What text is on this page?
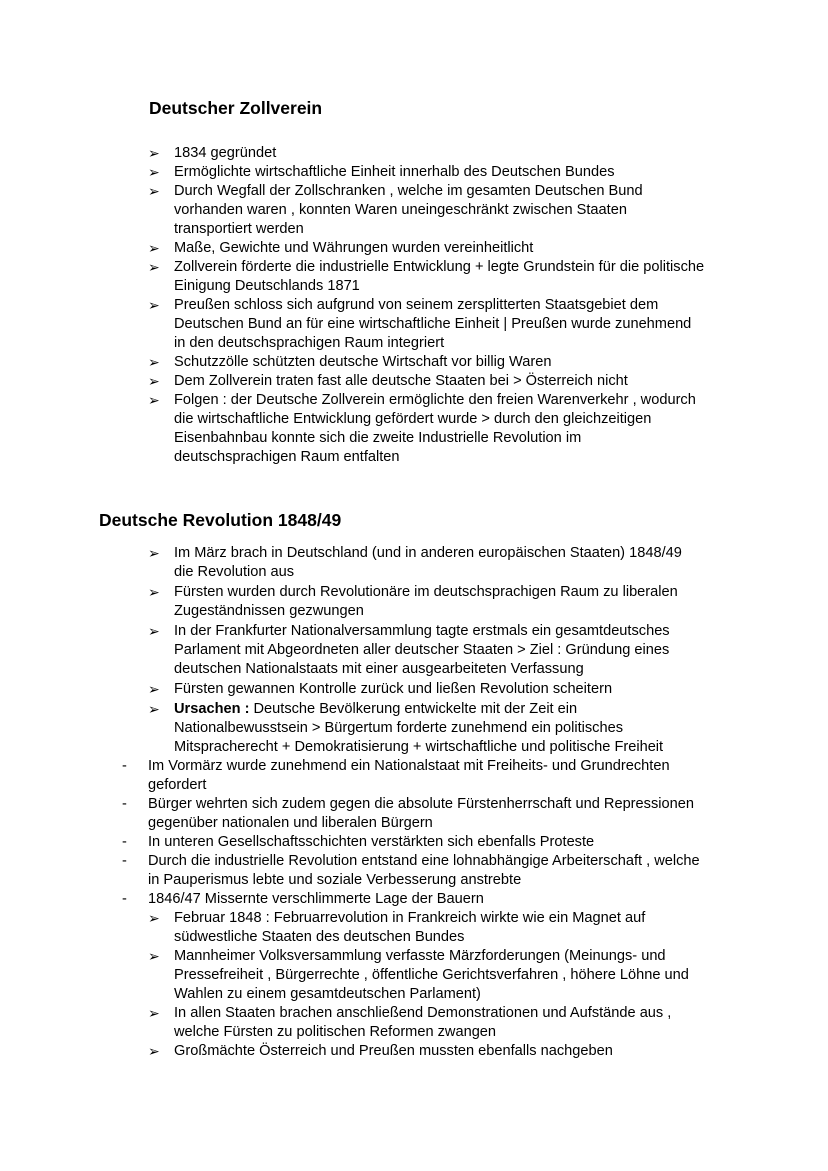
Deutscher Zollverein
➢ 1834 gegründet
➢ Ermöglichte wirtschaftliche Einheit innerhalb des Deutschen Bundes
➢ Durch Wegfall der Zollschranken , welche im gesamten Deutschen Bund
vorhanden waren , konnten Waren uneingeschränkt zwischen Staaten
transportiert werden
➢ Maße, Gewichte und Währungen wurden vereinheitlicht
➢ Zollverein förderte die industrielle Entwicklung + legte Grundstein für die politische
Einigung Deutschlands 1871
➢ Preußen schloss sich aufgrund von seinem zersplitterten Staatsgebiet dem
Deutschen Bund an für eine wirtschaftliche Einheit | Preußen wurde zunehmend
in den deutschsprachigen Raum integriert
➢ Schutzzölle schützten deutsche Wirtschaft vor billig Waren
➢ Dem Zollverein traten fast alle deutsche Staaten bei > Österreich nicht
➢ Folgen : der Deutsche Zollverein ermöglichte den freien Warenverkehr , wodurch
die wirtschaftliche Entwicklung gefördert wurde > durch den gleichzeitigen
Eisenbahnbau konnte sich die zweite Industrielle Revolution im
deutschsprachigen Raum entfalten
Deutsche Revolution 1848/49
➢ Im März brach in Deutschland (und in anderen europäischen Staaten) 1848/49
die Revolution aus
➢ Fürsten wurden durch Revolutionäre im deutschsprachigen Raum zu liberalen
Zugeständnissen gezwungen
➢ In der Frankfurter Nationalversammlung tagte erstmals ein gesamtdeutsches
Parlament mit Abgeordneten aller deutscher Staaten > Ziel : Gründung eines
deutschen Nationalstaats mit einer ausgearbeiteten Verfassung
➢ Fürsten gewannen Kontrolle zurück und ließen Revolution scheitern
➢ Ursachen : Deutsche Bevölkerung entwickelte mit der Zeit ein
Nationalbewusstsein > Bürgertum forderte zunehmend ein politisches
Mitspracherecht + Demokratisierung + wirtschaftliche und politische Freiheit
- Im Vormärz wurde zunehmend ein Nationalstaat mit Freiheits- und Grundrechten
gefordert
- Bürger wehrten sich zudem gegen die absolute Fürstenherrschaft und Repressionen
gegenüber nationalen und liberalen Bürgern
- In unteren Gesellschaftsschichten verstärkten sich ebenfalls Proteste
- Durch die industrielle Revolution entstand eine lohnabhängige Arbeiterschaft , welche
in Pauperismus lebte und soziale Verbesserung anstrebte
- 1846/47 Missernte verschlimmerte Lage der Bauern
➢ Februar 1848 : Februarrevolution in Frankreich wirkte wie ein Magnet auf
südwestliche Staaten des deutschen Bundes
➢ Mannheimer Volksversammlung verfasste Märzforderungen (Meinungs- und
Pressefreiheit , Bürgerrechte , öffentliche Gerichtsverfahren , höhere Löhne und
Wahlen zu einem gesamtdeutschen Parlament)
➢ In allen Staaten brachen anschließend Demonstrationen und Aufstände aus ,
welche Fürsten zu politischen Reformen zwangen
➢ Großmächte Österreich und Preußen mussten ebenfalls nachgeben
